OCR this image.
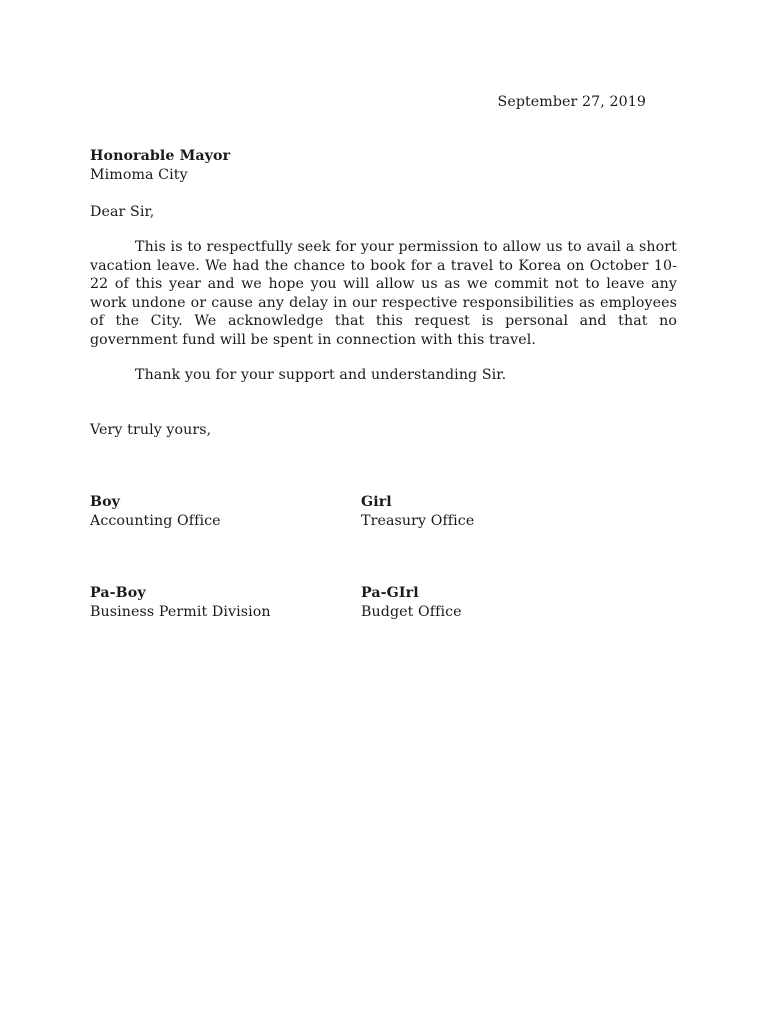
September 27, 2019
Honorable Mayor
Mimoma City
Dear Sir,

This is to respectfully seek for your permission to allow us to avail a short vacation leave. We had the chance to book for a travel to Korea on October 10-22 of this year and we hope you will allow us as we commit not to leave any work undone or cause any delay in our respective responsibilities as employees of the City. We acknowledge that this request is personal and that no government fund will be spent in connection with this travel.

Thank you for your support and understanding Sir.

Very truly yours,
Boy
Accounting Office
Girl
Treasury Office
Pa-Boy
Business Permit Division
Pa-GIrl
Budget Office
